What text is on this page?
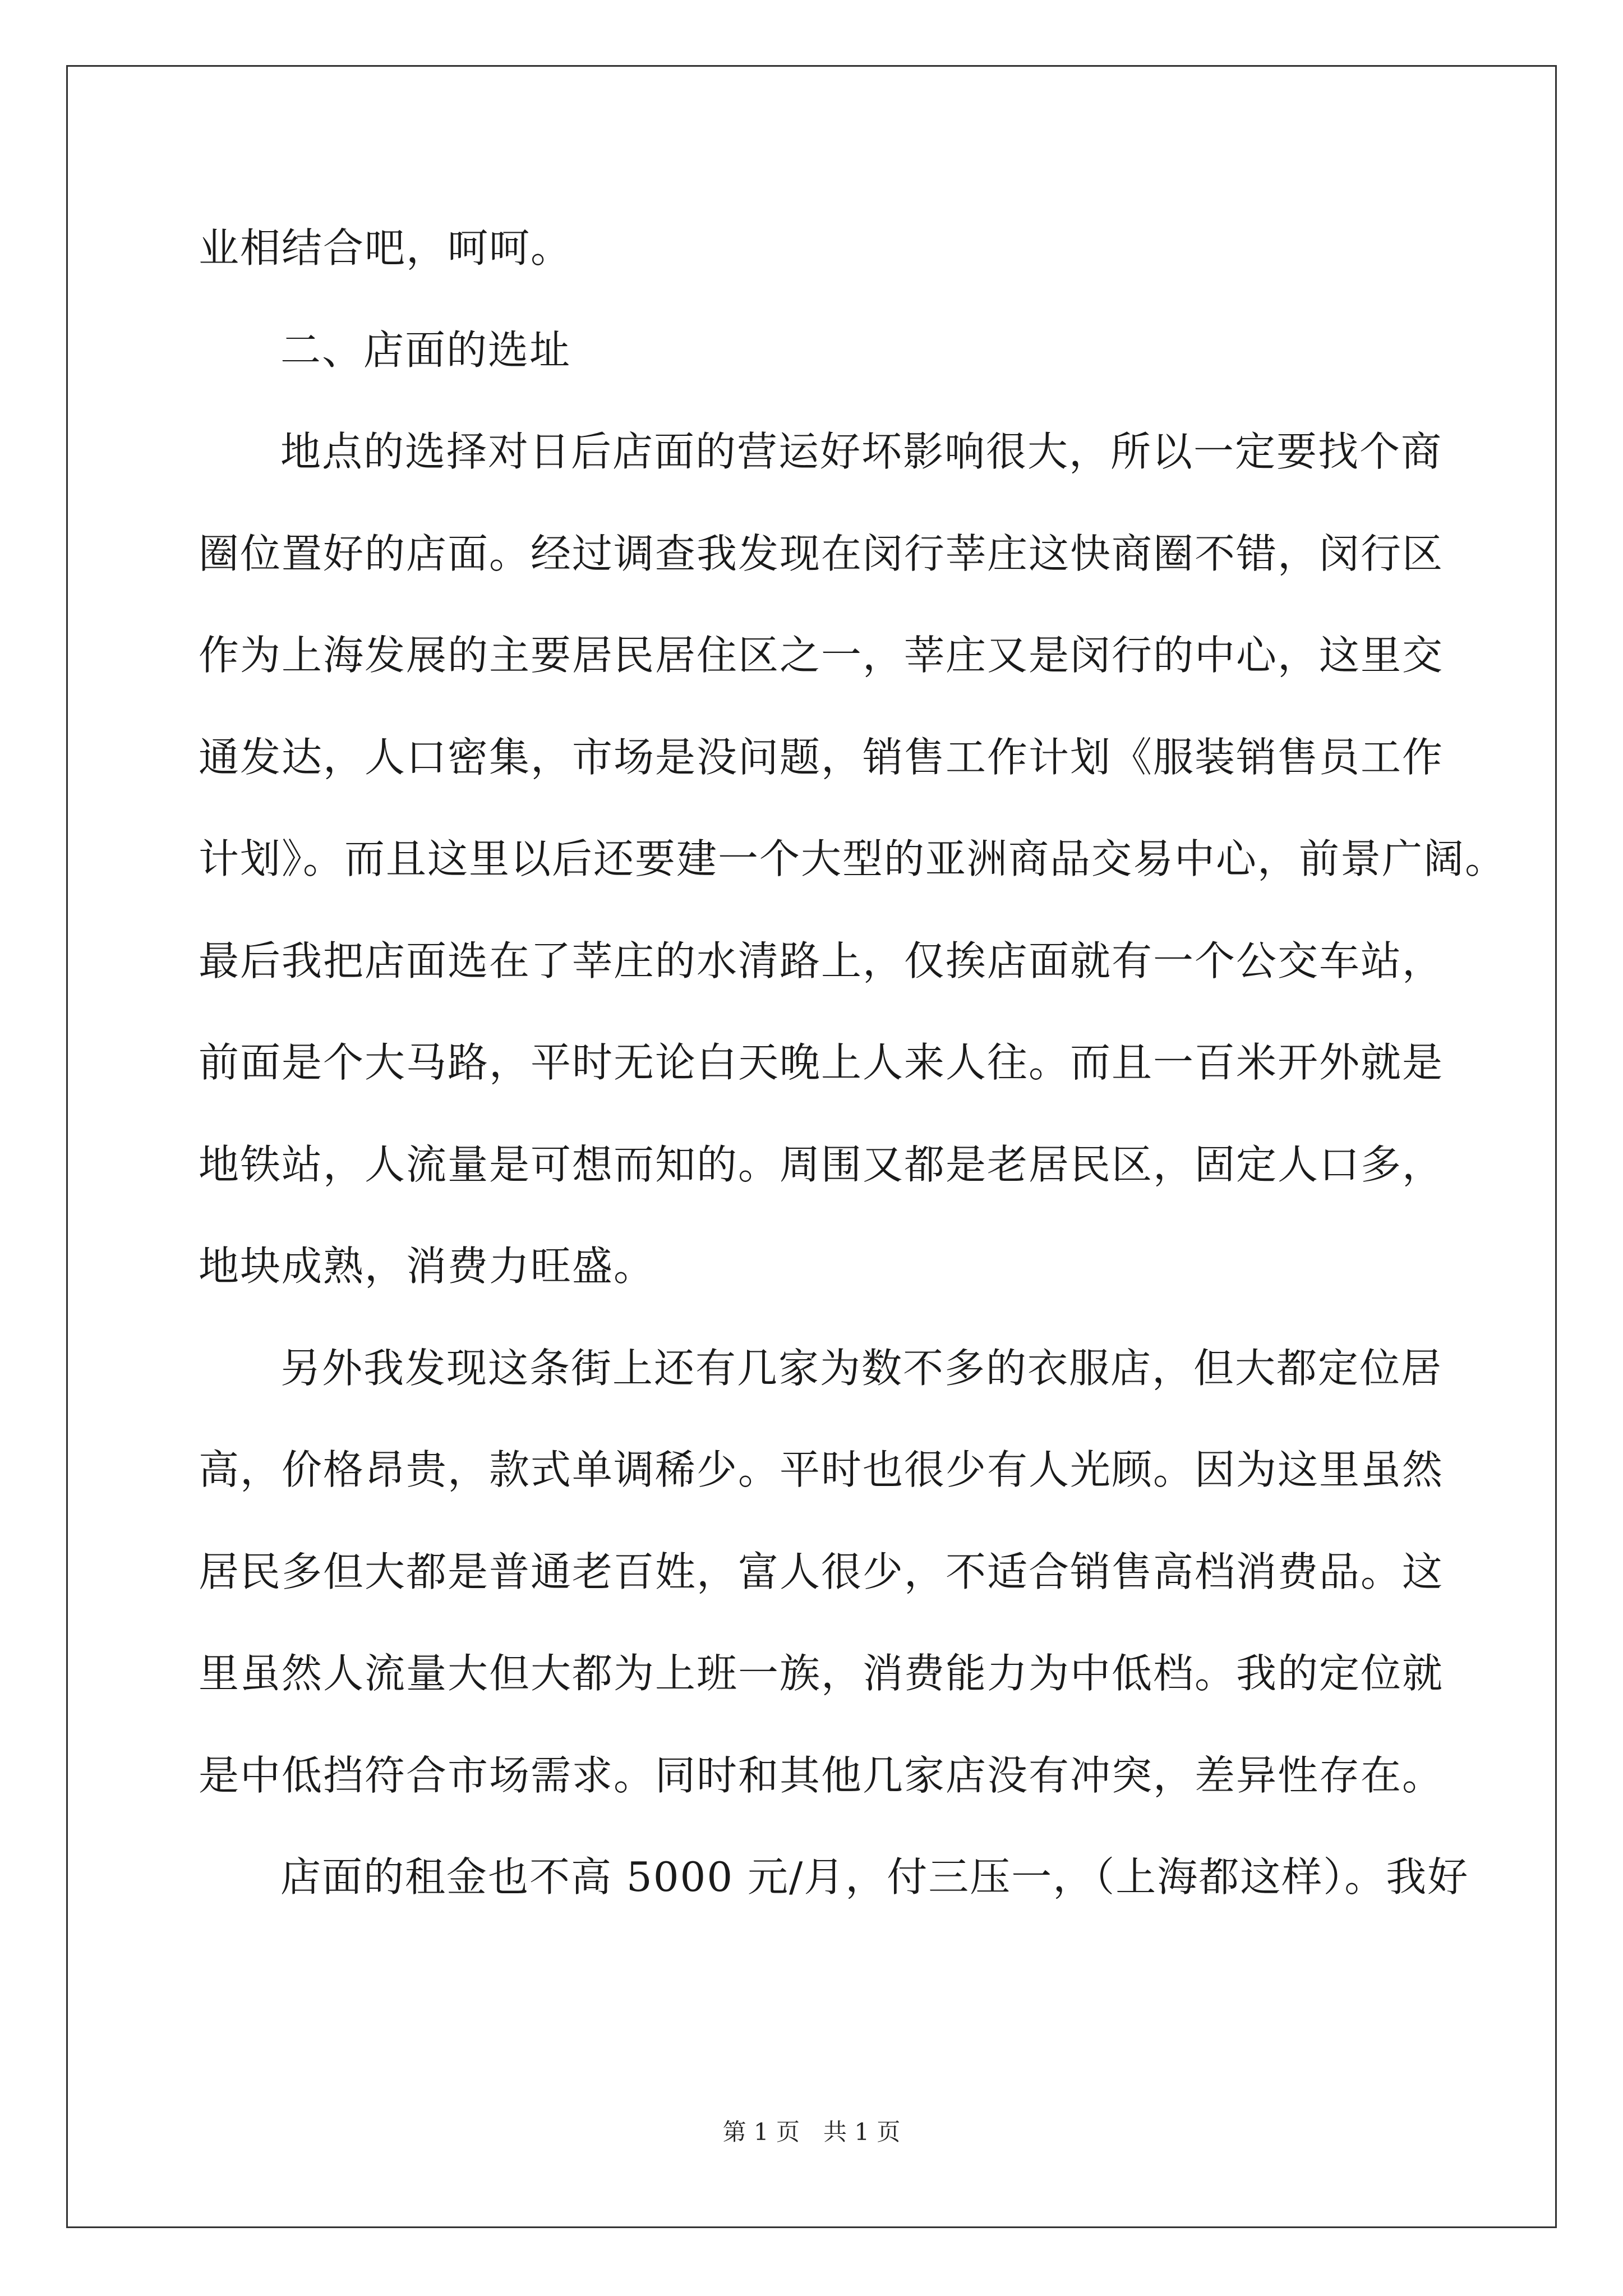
业相结合吧，呵呵。
二、店面的选址
地点的选择对日后店面的营运好坏影响很大，所以一定要找个商
圈位置好的店面。经过调查我发现在闵行莘庄这快商圈不错，闵行区
作为上海发展的主要居民居住区之一，莘庄又是闵行的中心，这里交
通发达，人口密集，市场是没问题，销售工作计划《服装销售员工作
计划》。而且这里以后还要建一个大型的亚洲商品交易中心，前景广阔。
最后我把店面选在了莘庄的水清路上，仅挨店面就有一个公交车站，
前面是个大马路，平时无论白天晚上人来人往。而且一百米开外就是
地铁站，人流量是可想而知的。周围又都是老居民区，固定人口多，
地块成熟，消费力旺盛。
另外我发现这条街上还有几家为数不多的衣服店，但大都定位居
高，价格昂贵，款式单调稀少。平时也很少有人光顾。因为这里虽然
居民多但大都是普通老百姓，富人很少，不适合销售高档消费品。这
里虽然人流量大但大都为上班一族，消费能力为中低档。我的定位就
是中低挡符合市场需求。同时和其他几家店没有冲突，差异性存在。
店面的租金也不高 5000 元/月，付三压一，（上海都这样）。我好
第 1 页　共 1 页
